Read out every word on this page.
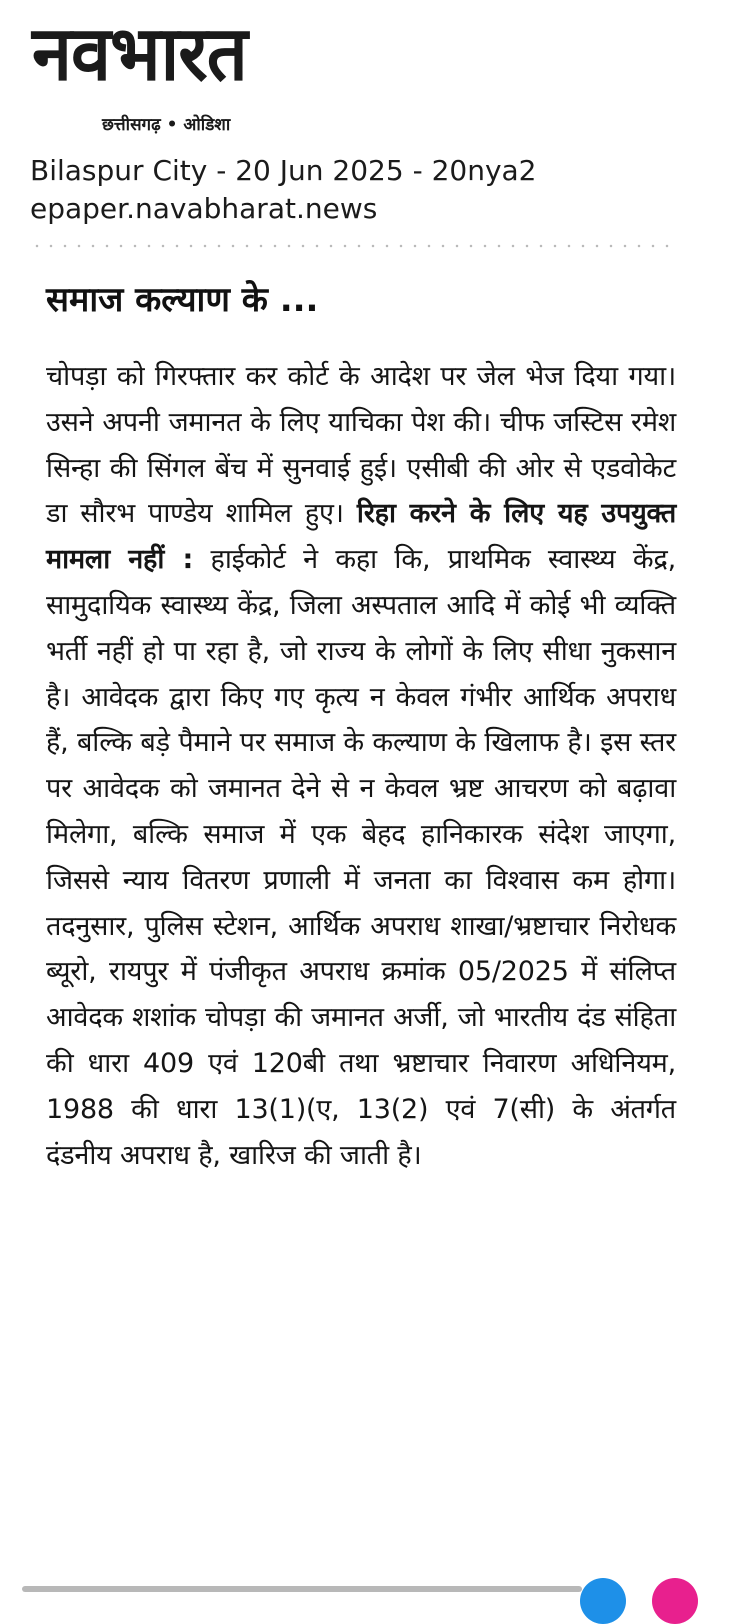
नवभारत
छत्तीसगढ़ • ओडिशा
Bilaspur City - 20 Jun 2025 - 20nya2
epaper.navabharat.news
समाज कल्याण के ...
चोपड़ा को गिरफ्तार कर कोर्ट के आदेश पर जेल भेज दिया गया। उसने अपनी जमानत के लिए याचिका पेश की। चीफ जस्टिस रमेश सिन्हा की सिंगल बेंच में सुनवाई हुई। एसीबी की ओर से एडवोकेट डा सौरभ पाण्डेय शामिल हुए। रिहा करने के लिए यह उपयुक्त मामला नहीं : हाईकोर्ट ने कहा कि, प्राथमिक स्वास्थ्य केंद्र, सामुदायिक स्वास्थ्य केंद्र, जिला अस्पताल आदि में कोई भी व्यक्ति भर्ती नहीं हो पा रहा है, जो राज्य के लोगों के लिए सीधा नुकसान है। आवेदक द्वारा किए गए कृत्य न केवल गंभीर आर्थिक अपराध हैं, बल्कि बड़े पैमाने पर समाज के कल्याण के खिलाफ है। इस स्तर पर आवेदक को जमानत देने से न केवल भ्रष्ट आचरण को बढ़ावा मिलेगा, बल्कि समाज में एक बेहद हानिकारक संदेश जाएगा, जिससे न्याय वितरण प्रणाली में जनता का विश्वास कम होगा। तदनुसार, पुलिस स्टेशन, आर्थिक अपराध शाखा/भ्रष्टाचार निरोधक ब्यूरो, रायपुर में पंजीकृत अपराध क्रमांक 05/2025 में संलिप्त आवेदक शशांक चोपड़ा की जमानत अर्जी, जो भारतीय दंड संहिता की धारा 409 एवं 120बी तथा भ्रष्टाचार निवारण अधिनियम, 1988 की धारा 13(1)(ए, 13(2) एवं 7(सी) के अंतर्गत दंडनीय अपराध है, खारिज की जाती है।
